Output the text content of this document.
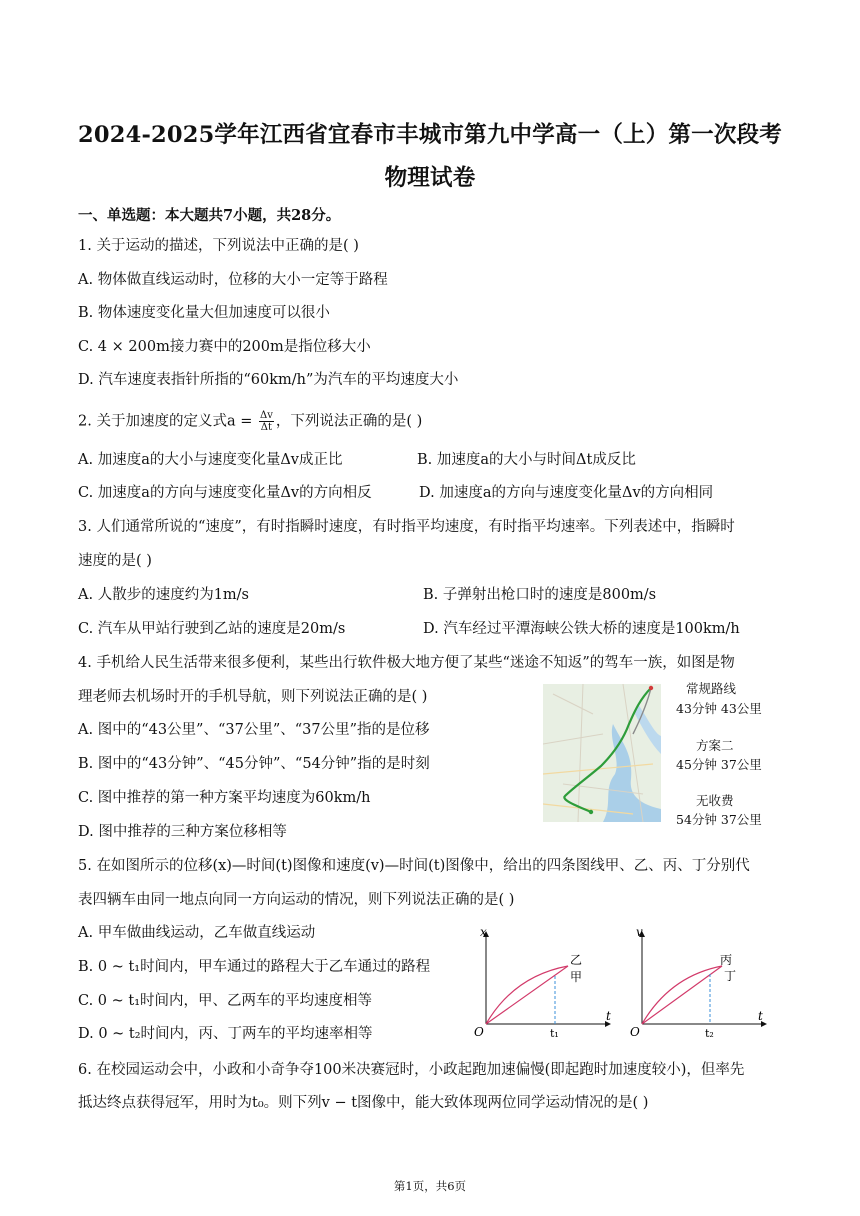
2024-2025学年江西省宜春市丰城市第九中学高一（上）第一次段考
物理试卷
一、单选题：本大题共7小题，共28分。
1. 关于运动的描述，下列说法中正确的是( )
A. 物体做直线运动时，位移的大小一定等于路程
B. 物体速度变化量大但加速度可以很小
C. 4 × 200m接力赛中的200m是指位移大小
D. 汽车速度表指针所指的“60km/h”为汽车的平均速度大小
2. 关于加速度的定义式$a = \frac{\Delta v}{\Delta t}$ ，下列说法正确的是( )
A. 加速度a的大小与速度变化量Δv成正比	B. 加速度a的大小与时间Δt成反比
C. 加速度a的方向与速度变化量Δv的方向相反	D. 加速度a的方向与速度变化量Δv的方向相同
3. 人们通常所说的“速度”，有时指瞬时速度，有时指平均速度，有时指平均速率。下列表述中，指瞬时
速度的是( )
A. 人散步的速度约为1m/s	B. 子弹射出枪口时的速度是800m/s
C. 汽车从甲站行驶到乙站的速度是20m/s	D. 汽车经过平潭海峡公铁大桥的速度是100km/h
4. 手机给人民生活带来很多便利，某些出行软件极大地方便了某些“迷途不知返”的驾车一族，如图是物
理老师去机场时开的手机导航，则下列说法正确的是( )
A. 图中的“43公里”、“37公里”、“37公里”指的是位移
B. 图中的“43分钟”、“45分钟”、“54分钟”指的是时刻
C. 图中推荐的第一种方案平均速度为60km/h
D. 图中推荐的三种方案位移相等
常规路线
43分钟 43公里
方案二
45分钟 37公里
无收费
54分钟 37公里
5. 在如图所示的位移(x)—时间(t)图像和速度(v)—时间(t)图像中，给出的四条图线甲、乙、丙、丁分别代
表四辆车由同一地点向同一方向运动的情况，则下列说法正确的是( )
A. 甲车做曲线运动，乙车做直线运动
B. 0 ~ t₁时间内，甲车通过的路程大于乙车通过的路程
C. 0 ~ t₁时间内，甲、乙两车的平均速度相等
D. 0 ~ t₂时间内，丙、丁两车的平均速率相等
x
t
O	t₁
乙
甲
v
t
O	t₂
丙
丁
6. 在校园运动会中，小政和小奇争夺100米决赛冠时，小政起跑加速偏慢(即起跑时加速度较小)，但率先
抵达终点获得冠军，用时为t₀。则下列v − t图像中，能大致体现两位同学运动情况的是( )
第1页，共6页
